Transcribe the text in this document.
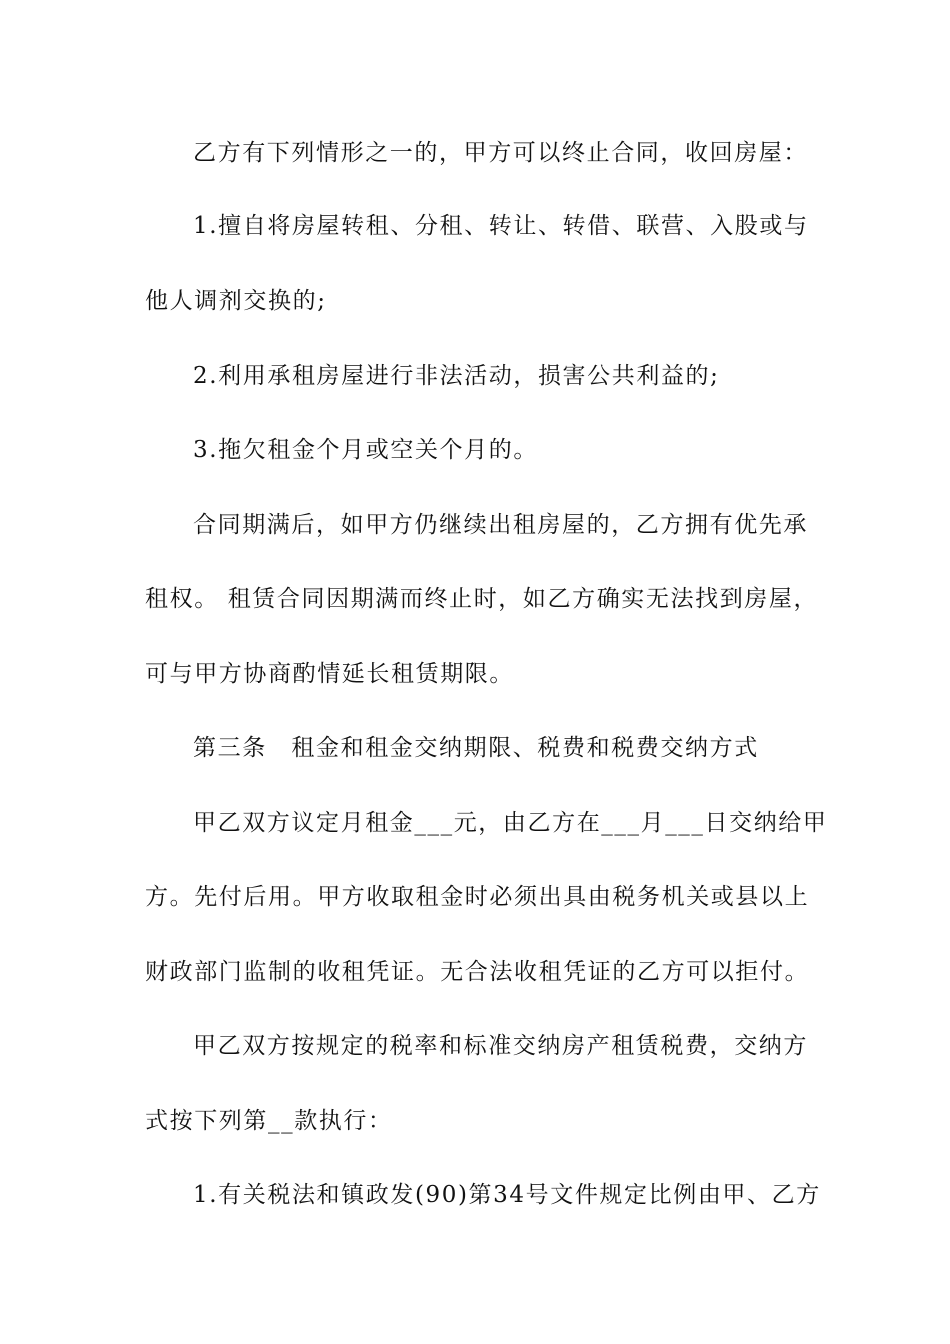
乙方有下列情形之一的，甲方可以终止合同，收回房屋：
1.擅自将房屋转租、分租、转让、转借、联营、入股或与
他人调剂交换的;
2.利用承租房屋进行非法活动，损害公共利益的;
3.拖欠租金个月或空关个月的。
合同期满后，如甲方仍继续出租房屋的，乙方拥有优先承
租权。 租赁合同因期满而终止时，如乙方确实无法找到房屋，
可与甲方协商酌情延长租赁期限。
第三条　租金和租金交纳期限、税费和税费交纳方式
甲乙双方议定月租金___元，由乙方在___月___日交纳给甲
方。先付后用。甲方收取租金时必须出具由税务机关或县以上
财政部门监制的收租凭证。无合法收租凭证的乙方可以拒付。
甲乙双方按规定的税率和标准交纳房产租赁税费，交纳方
式按下列第__款执行：
1.有关税法和镇政发(90)第34号文件规定比例由甲、乙方
